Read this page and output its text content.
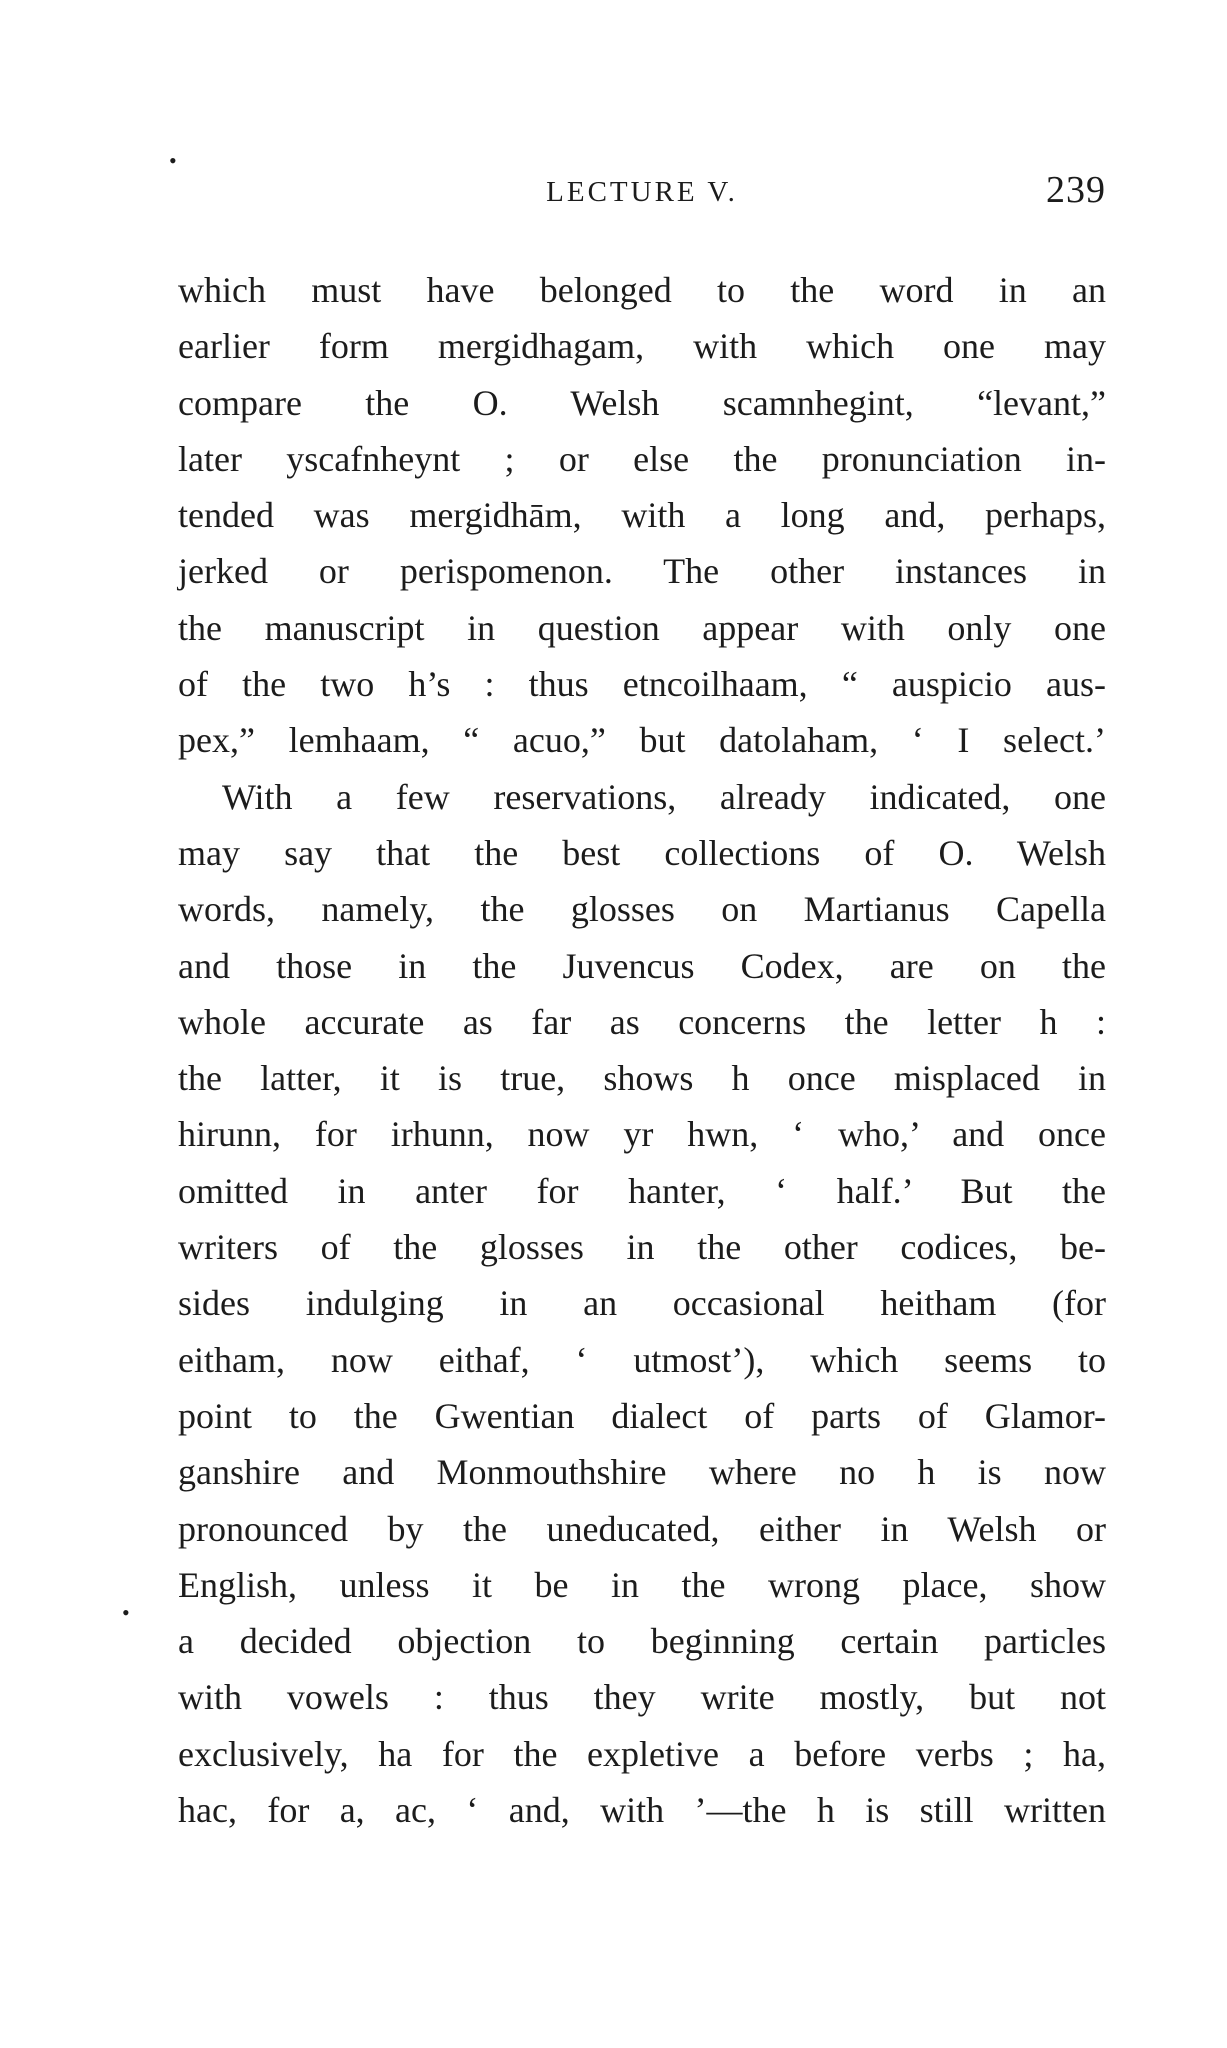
•
•
LECTURE V.	239
which must have belonged to the word in an
earlier form mergidhagam, with which one may
compare the O. Welsh scamnhegint, “levant,”
later yscafnheynt ; or else the pronunciation in-
tended was mergidhām, with a long and, perhaps,
jerked or perispomenon. The other instances in
the manuscript in question appear with only one
of the two h’s : thus etncoilhaam, “ auspicio aus-
pex,” lemhaam, “ acuo,” but datolaham, ‘ I select.’
With a few reservations, already indicated, one
may say that the best collections of O. Welsh
words, namely, the glosses on Martianus Capella
and those in the Juvencus Codex, are on the
whole accurate as far as concerns the letter h :
the latter, it is true, shows h once misplaced in
hirunn, for irhunn, now yr hwn, ‘ who,’ and once
omitted in anter for hanter, ‘ half.’ But the
writers of the glosses in the other codices, be-
sides indulging in an occasional heitham (for
eitham, now eithaf, ‘ utmost’), which seems to
point to the Gwentian dialect of parts of Glamor-
ganshire and Monmouthshire where no h is now
pronounced by the uneducated, either in Welsh or
English, unless it be in the wrong place, show
a decided objection to beginning certain particles
with vowels : thus they write mostly, but not
exclusively, ha for the expletive a before verbs ; ha,
hac, for a, ac, ‘ and, with ’—the h is still written
